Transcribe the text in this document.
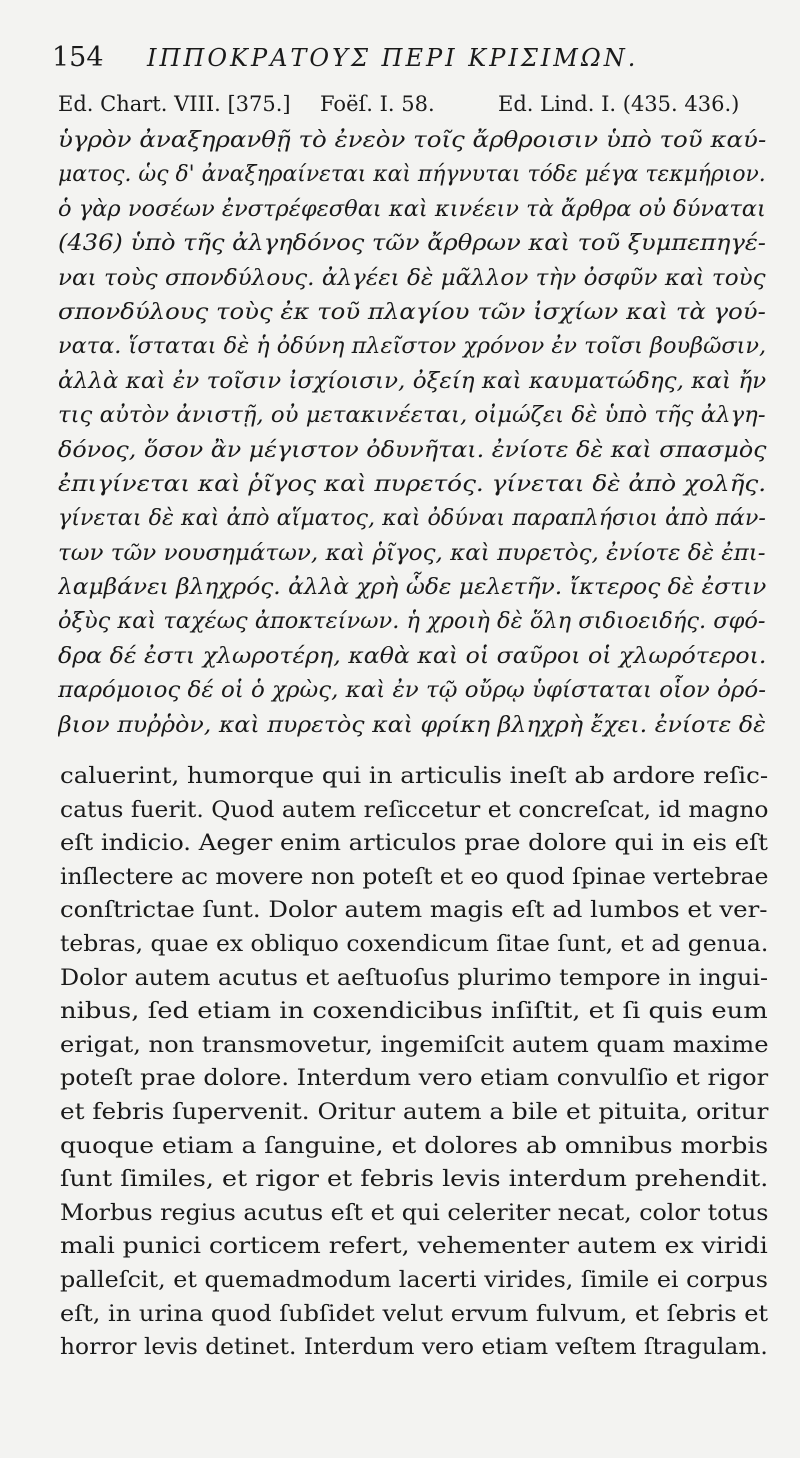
154 ΙΠΠΟΚΡΑΤΟΥΣ ΠΕΡΙ ΚΡΙΣΙΜΩΝ.
Ed. Chart. VIII. [375.] Foëſ. I. 58.	Ed. Lind. I. (435. 436.)
ὑγρὸν ἀναξηρανθῇ τὸ ἐνεὸν τοῖς ἄρθροισιν ὑπὸ τοῦ καύ-
ματος. ὡς δ' ἀναξηραίνεται καὶ πήγνυται τόδε μέγα τεκμήριον.
ὁ γὰρ νοσέων ἐνστρέφεσθαι καὶ κινέειν τὰ ἄρθρα οὐ δύναται
(436) ὑπὸ τῆς ἀλγηδόνος τῶν ἄρθρων καὶ τοῦ ξυμπεπηγέ-
ναι τοὺς σπονδύλους. ἀλγέει δὲ μᾶλλον τὴν ὀσφῦν καὶ τοὺς
σπονδύλους τοὺς ἐκ τοῦ πλαγίου τῶν ἰσχίων καὶ τὰ γού-
νατα. ἵσταται δὲ ἡ ὀδύνη πλεῖστον χρόνον ἐν τοῖσι βουβῶσιν,
ἀλλὰ καὶ ἐν τοῖσιν ἰσχίοισιν, ὀξείη καὶ καυματώδης, καὶ ἤν
τις αὐτὸν ἀνιστῇ, οὐ μετακινέεται, οἰμώζει δὲ ὑπὸ τῆς ἀλγη-
δόνος, ὅσον ἂν μέγιστον ὀδυνῆται. ἐνίοτε δὲ καὶ σπασμὸς
ἐπιγίνεται καὶ ῥῖγος καὶ πυρετός. γίνεται δὲ ἀπὸ χολῆς.
γίνεται δὲ καὶ ἀπὸ αἵματος, καὶ ὀδύναι παραπλήσιοι ἀπὸ πάν-
των τῶν νουσημάτων, καὶ ῥῖγος, καὶ πυρετὸς, ἐνίοτε δὲ ἐπι-
λαμβάνει βληχρός. ἀλλὰ χρὴ ὧδε μελετῆν. ἴκτερος δὲ ἐστιν
ὀξὺς καὶ ταχέως ἀποκτείνων. ἡ χροιὴ δὲ ὅλη σιδιοειδής. σφό-
δρα δέ ἐστι χλωροτέρη, καθὰ καὶ οἱ σαῦροι οἱ χλωρότεροι.
παρόμοιος δέ οἱ ὁ χρὼς, καὶ ἐν τῷ οὔρῳ ὑφίσταται οἷον ὀρό-
βιον πυῤῥὸν, καὶ πυρετὸς καὶ φρίκη βληχρὴ ἔχει. ἐνίοτε δὲ
caluerint, humorque qui in articulis ineſt ab ardore reſic-
catus fuerit. Quod autem reſiccetur et concreſcat, id magno
eſt indicio. Aeger enim articulos prae dolore qui in eis eſt
inſlectere ac movere non poteſt et eo quod ſpinae vertebrae
conſtrictae ſunt. Dolor autem magis eſt ad lumbos et ver-
tebras, quae ex obliquo coxendicum ſitae ſunt, et ad genua.
Dolor autem acutus et aeſtuoſus plurimo tempore in ingui-
nibus, ſed etiam in coxendicibus inſiſtit, et ſi quis eum
erigat, non transmovetur, ingemiſcit autem quam maxime
poteſt prae dolore. Interdum vero etiam convulſio et rigor
et febris ſupervenit. Oritur autem a bile et pituita, oritur
quoque etiam a ſanguine, et dolores ab omnibus morbis
ſunt ſimiles, et rigor et febris levis interdum prehendit.
Morbus regius acutus eſt et qui celeriter necat, color totus
mali punici corticem refert, vehementer autem ex viridi
palleſcit, et quemadmodum lacerti virides, ſimile ei corpus
eſt, in urina quod ſubſidet velut ervum fulvum, et ſebris et
horror levis detinet. Interdum vero etiam veſtem ſtragulam.
